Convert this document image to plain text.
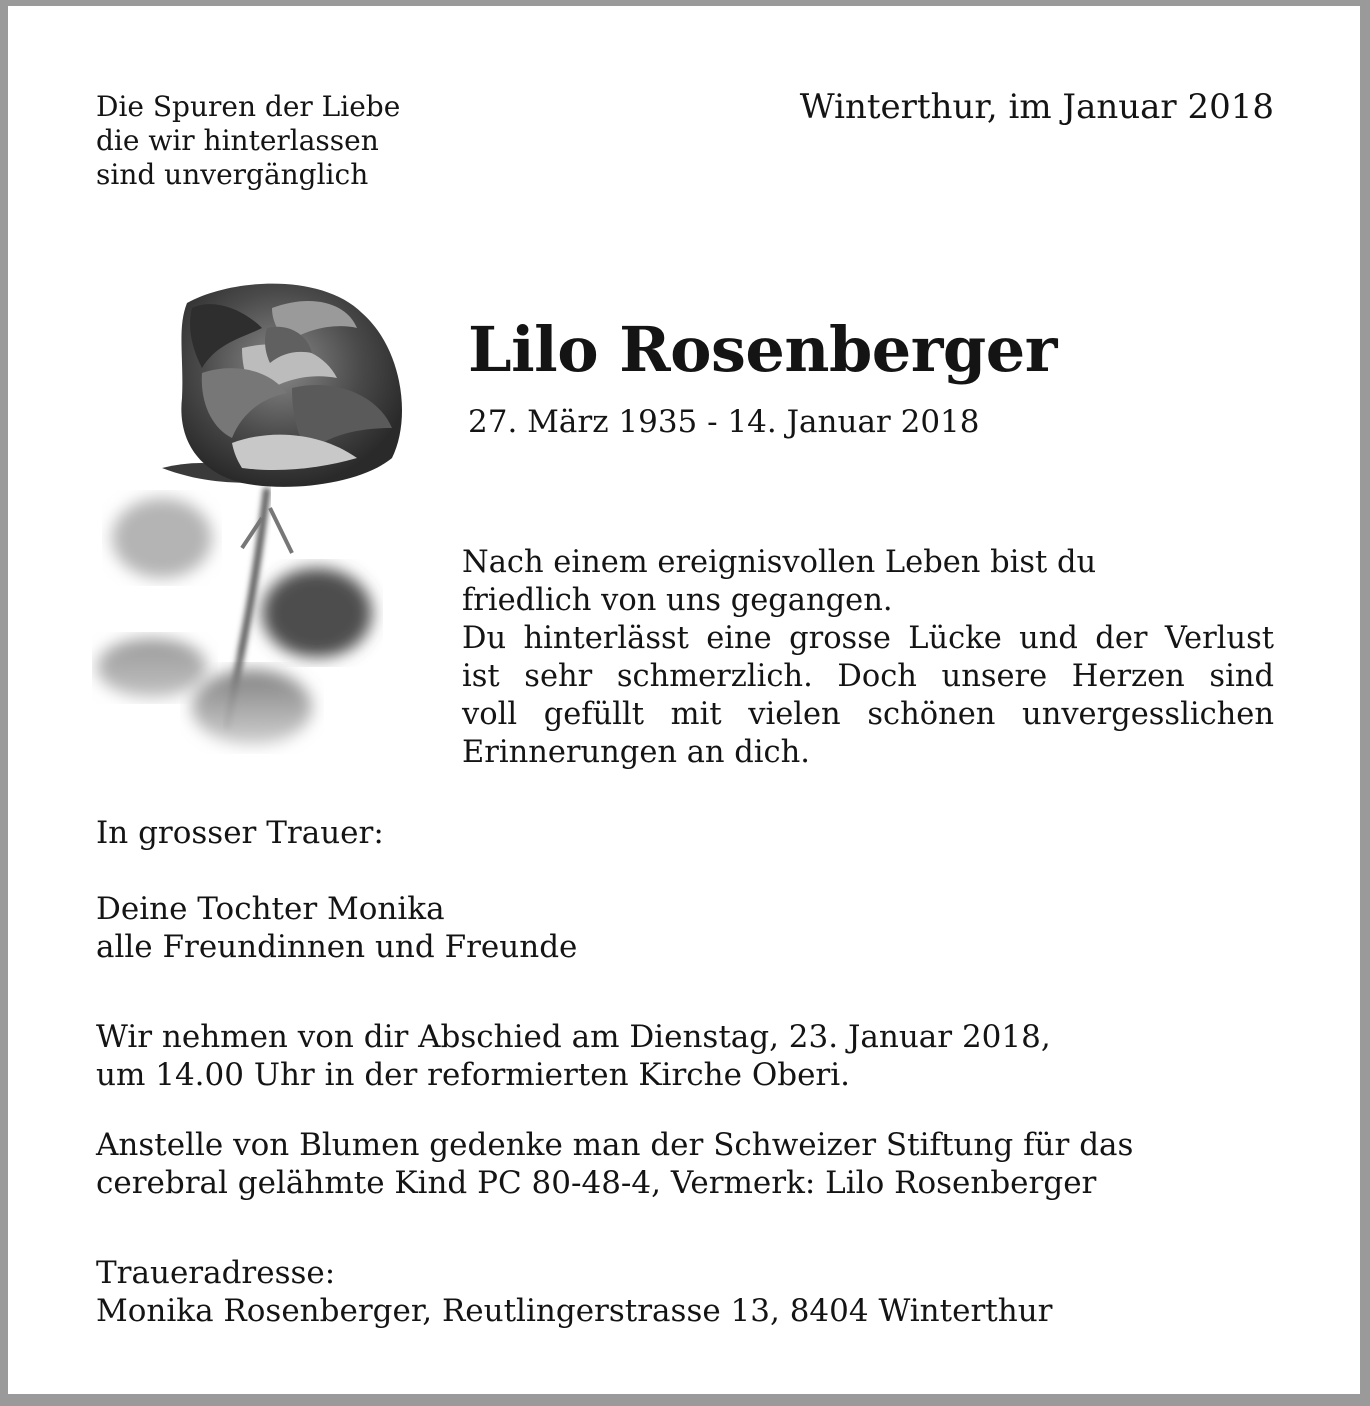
Die Spuren der Liebe
die wir hinterlassen
sind unvergänglich
Winterthur, im Januar 2018
Lilo Rosenberger
27. März 1935 - 14. Januar 2018
Nach einem ereignisvollen Leben bist du
friedlich von uns gegangen.
Du hinterlässt eine grosse Lücke und der Verlust
ist sehr schmerzlich. Doch unsere Herzen sind
voll gefüllt mit vielen schönen unvergesslichen
Erinnerungen an dich.
In grosser Trauer:
Deine Tochter Monika
alle Freundinnen und Freunde
Wir nehmen von dir Abschied am Dienstag, 23. Januar 2018,
um 14.00 Uhr in der reformierten Kirche Oberi.
Anstelle von Blumen gedenke man der Schweizer Stiftung für das
cerebral gelähmte Kind PC 80-48-4, Vermerk: Lilo Rosenberger
Traueradresse:
Monika Rosenberger, Reutlingerstrasse 13, 8404 Winterthur
